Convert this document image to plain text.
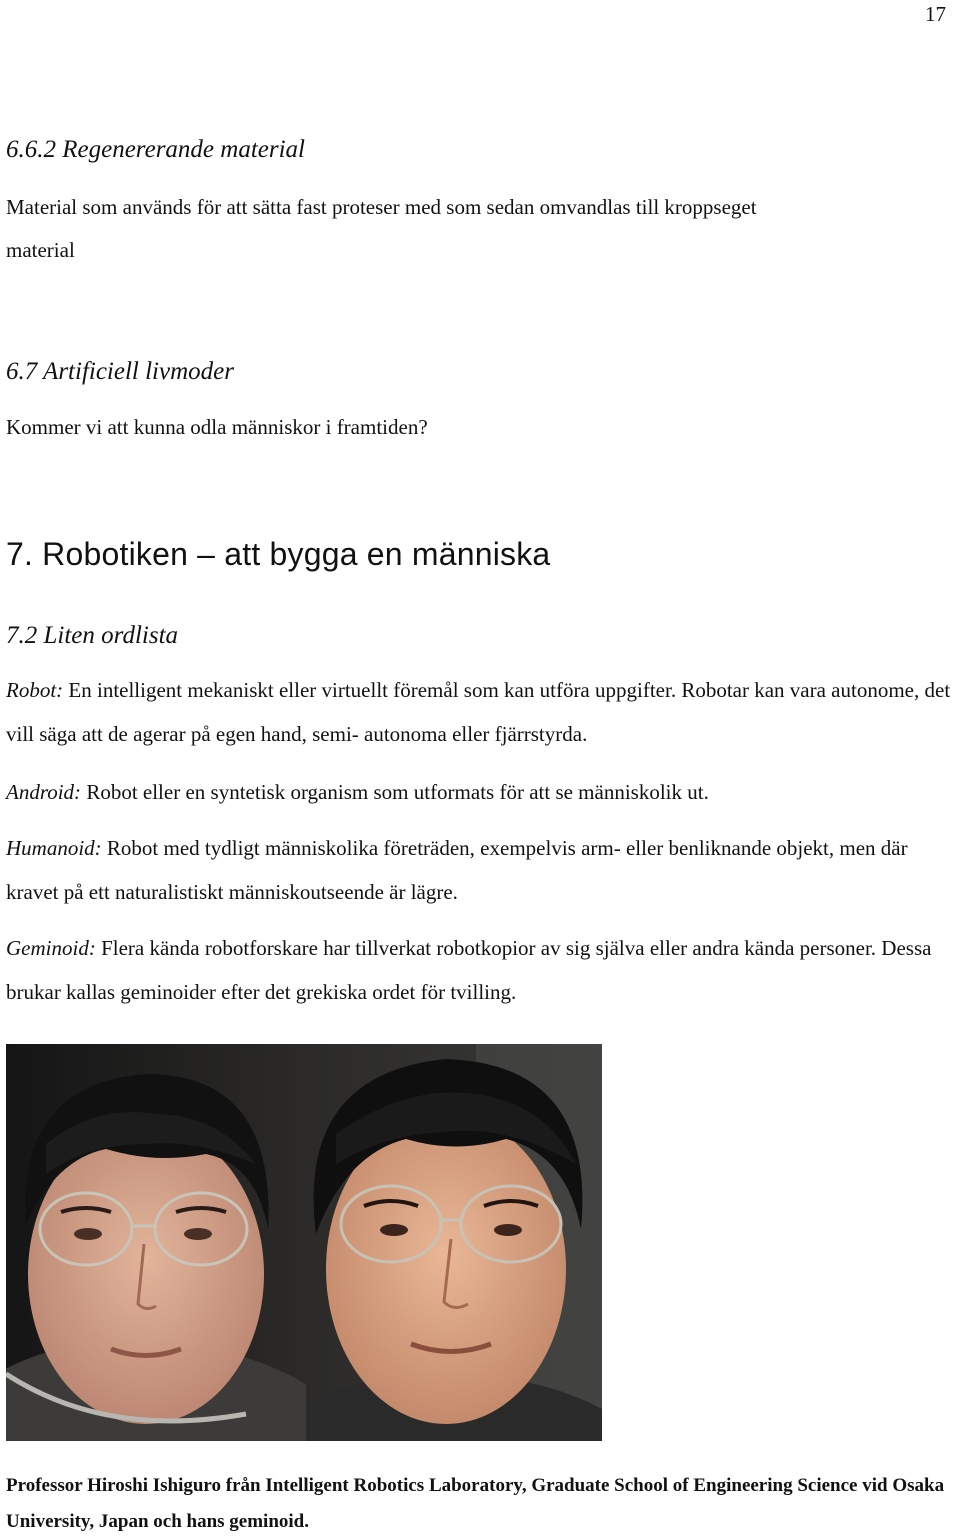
17
6.6.2 Regenererande material
Material som används för att sätta fast proteser med som sedan omvandlas till kroppseget
material
6.7 Artificiell livmoder
Kommer vi att kunna odla människor i framtiden?
7. Robotiken – att bygga en människa
7.2 Liten ordlista
Robot: En intelligent mekaniskt eller virtuellt föremål som kan utföra uppgifter. Robotar kan vara autonome, det vill säga att de agerar på egen hand, semi- autonoma eller fjärrstyrda.
Android: Robot eller en syntetisk organism som utformats för att se människolik ut.
Humanoid: Robot med tydligt människolika företräden, exempelvis arm- eller benliknande objekt, men där kravet på ett naturalistiskt människoutseende är lägre.
Geminoid: Flera kända robotforskare har tillverkat robotkopior av sig själva eller andra kända personer. Dessa brukar kallas geminoider efter det grekiska ordet för tvilling.
Professor Hiroshi Ishiguro från Intelligent Robotics Laboratory, Graduate School of Engineering Science vid Osaka University, Japan och hans geminoid.
